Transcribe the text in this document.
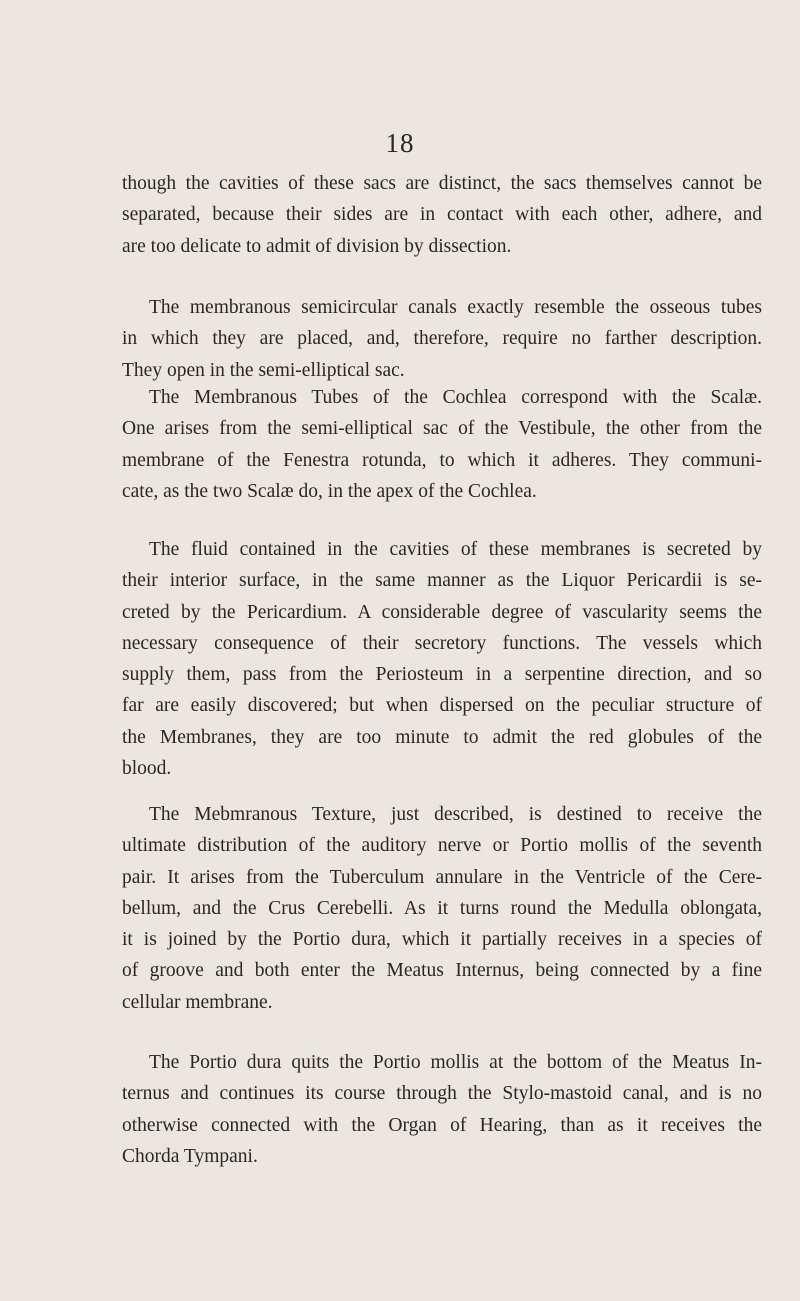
18
though the cavities of these sacs are distinct, the sacs themselves cannot be
separated, because their sides are in contact with each other, adhere, and
are too delicate to admit of division by dissection.
The membranous semicircular canals exactly resemble the osseous tubes
in which they are placed, and, therefore, require no farther description.
They open in the semi-elliptical sac.
The Membranous Tubes of the Cochlea correspond with the Scalæ.
One arises from the semi-elliptical sac of the Vestibule, the other from the
membrane of the Fenestra rotunda, to which it adheres. They communi-
cate, as the two Scalæ do, in the apex of the Cochlea.
The fluid contained in the cavities of these membranes is secreted by
their interior surface, in the same manner as the Liquor Pericardii is se-
creted by the Pericardium. A considerable degree of vascularity seems the
necessary consequence of their secretory functions. The vessels which
supply them, pass from the Periosteum in a serpentine direction, and so
far are easily discovered; but when dispersed on the peculiar structure of
the Membranes, they are too minute to admit the red globules of the
blood.
The Mebmranous Texture, just described, is destined to receive the
ultimate distribution of the auditory nerve or Portio mollis of the seventh
pair. It arises from the Tuberculum annulare in the Ventricle of the Cere-
bellum, and the Crus Cerebelli. As it turns round the Medulla oblongata,
it is joined by the Portio dura, which it partially receives in a species of
of groove and both enter the Meatus Internus, being connected by a fine
cellular membrane.
The Portio dura quits the Portio mollis at the bottom of the Meatus In-
ternus and continues its course through the Stylo-mastoid canal, and is no
otherwise connected with the Organ of Hearing, than as it receives the
Chorda Tympani.
